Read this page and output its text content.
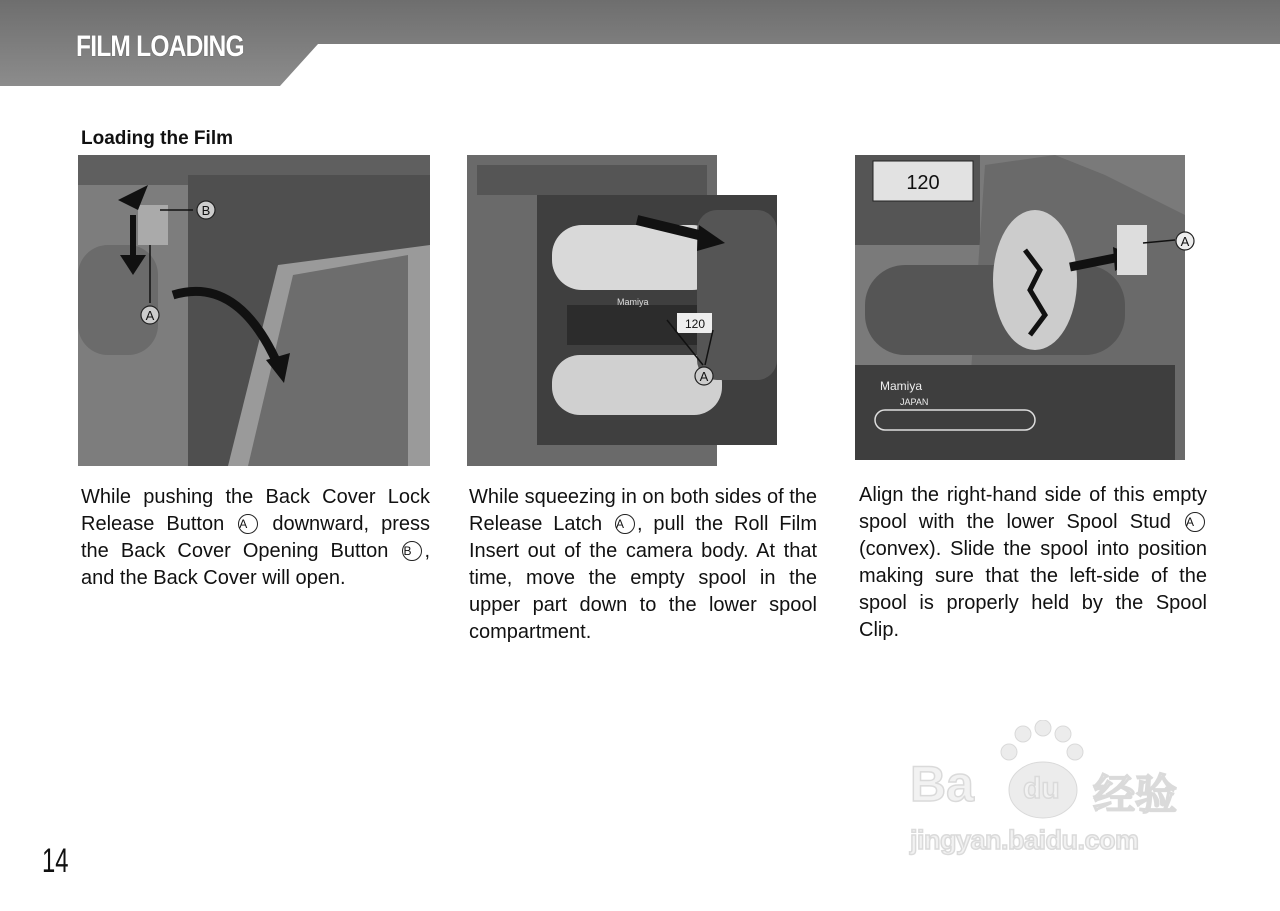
FILM LOADING
Loading the Film
B
A
120
Mamiya
A
120
A
Mamiya
JAPAN
While pushing the Back Cover Lock Release Button A downward, press the Back Cover Opening Button B , and the Back Cover will open.
While squeezing in on both sides of the Release Latch A , pull the Roll Film Insert out of the camera body. At that time, move the empty spool in the upper part down to the lower spool compartment.
Align the right-hand side of this empty spool with the lower Spool Stud A (convex). Slide the spool into position making sure that the left-side of the spool is properly held by the Spool Clip.
14
Ba du 经验
jingyan.baidu.com
